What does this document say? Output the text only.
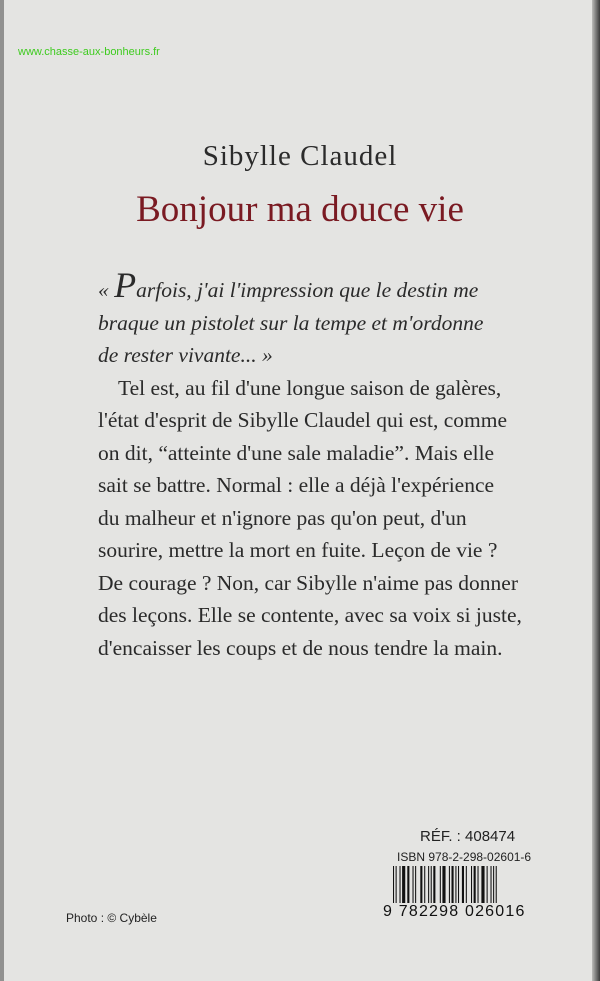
www.chasse-aux-bonheurs.fr
Sibylle Claudel
Bonjour ma douce vie
« Parfois, j'ai l'impression que le destin me
braque un pistolet sur la tempe et m'ordonne
de rester vivante... »
Tel est, au fil d'une longue saison de galères,
l'état d'esprit de Sibylle Claudel qui est, comme
on dit, “atteinte d'une sale maladie”. Mais elle
sait se battre. Normal : elle a déjà l'expérience
du malheur et n'ignore pas qu'on peut, d'un
sourire, mettre la mort en fuite. Leçon de vie ?
De courage ? Non, car Sibylle n'aime pas donner
des leçons. Elle se contente, avec sa voix si juste,
d'encaisser les coups et de nous tendre la main.
RÉF. : 408474
ISBN 978-2-298-02601-6
9 782298 026016
Photo : © Cybèle
